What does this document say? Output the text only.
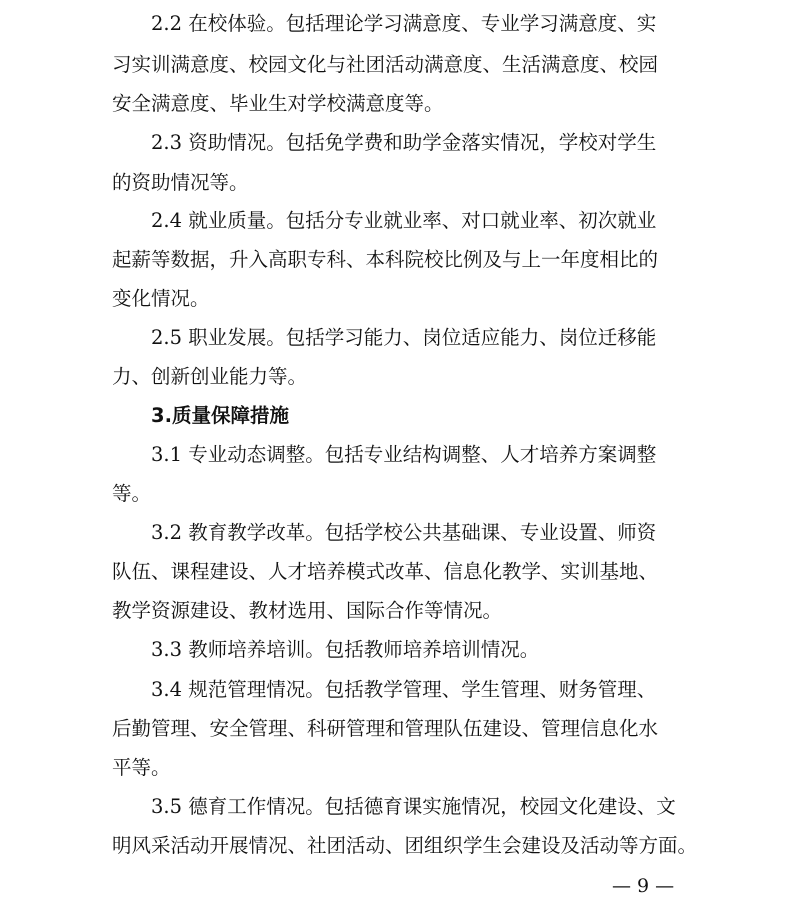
2.2 在校体验。包括理论学习满意度、专业学习满意度、实
习实训满意度、校园文化与社团活动满意度、生活满意度、校园
安全满意度、毕业生对学校满意度等。
2.3 资助情况。包括免学费和助学金落实情况，学校对学生
的资助情况等。
2.4 就业质量。包括分专业就业率、对口就业率、初次就业
起薪等数据，升入高职专科、本科院校比例及与上一年度相比的
变化情况。
2.5 职业发展。包括学习能力、岗位适应能力、岗位迁移能
力、创新创业能力等。
3.质量保障措施
3.1 专业动态调整。包括专业结构调整、人才培养方案调整
等。
3.2 教育教学改革。包括学校公共基础课、专业设置、师资
队伍、课程建设、人才培养模式改革、信息化教学、实训基地、
教学资源建设、教材选用、国际合作等情况。
3.3 教师培养培训。包括教师培养培训情况。
3.4 规范管理情况。包括教学管理、学生管理、财务管理、
后勤管理、安全管理、科研管理和管理队伍建设、管理信息化水
平等。
3.5 德育工作情况。包括德育课实施情况，校园文化建设、文
明风采活动开展情况、社团活动、团组织学生会建设及活动等方面。
— 9 —
